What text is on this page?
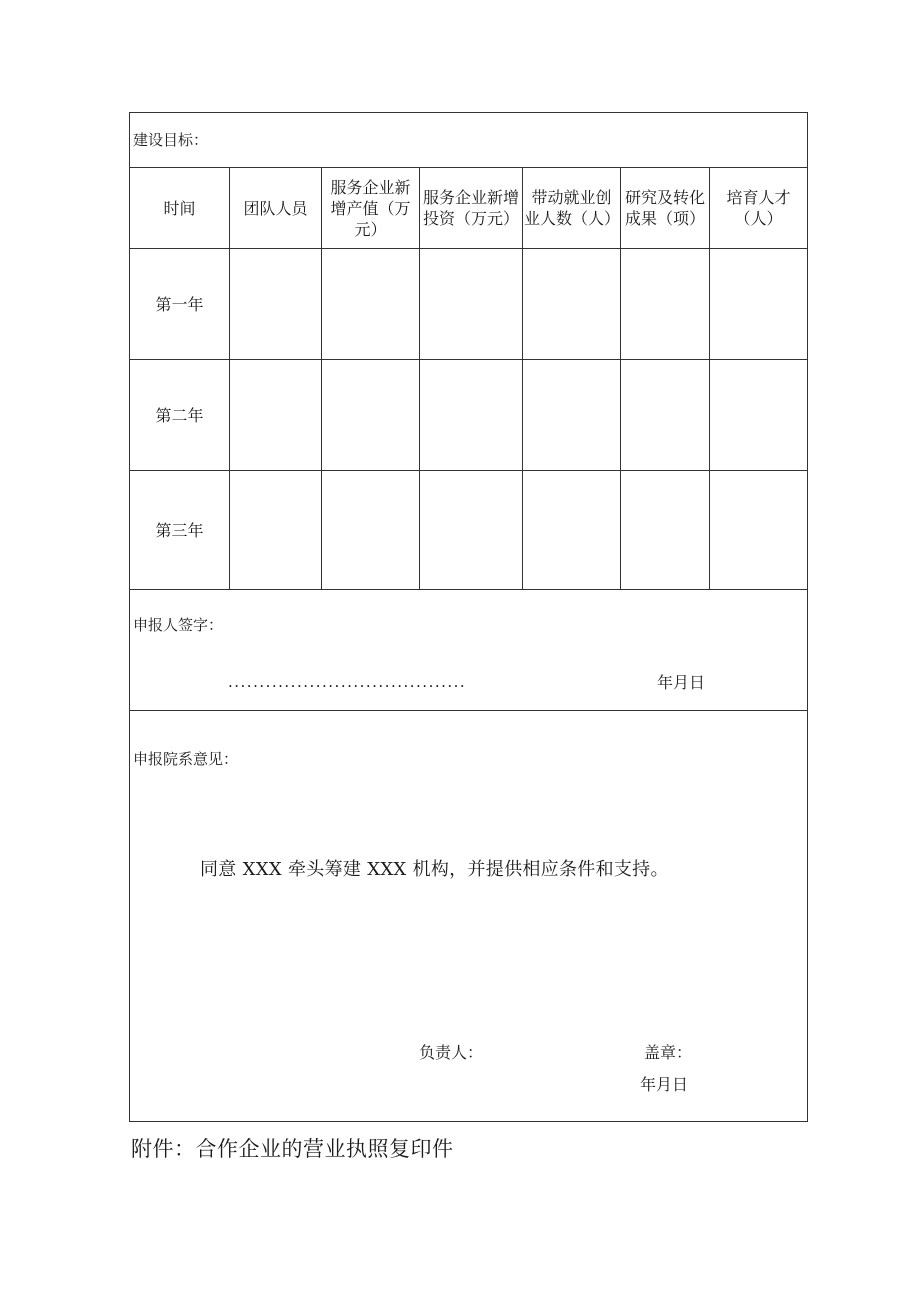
建设目标：						
时间	团队人员	服务企业新增产值（万元）	服务企业新增投资（万元）	带动就业创业人数（人）	研究及转化成果（项）	培育人才（人）

第一年						
第二年						
第三年						

申报人签字：
...................................... 年月日						

申报院系意见：
同意 XXX 牵头筹建 XXX 机构，并提供相应条件和支持。
负责人： 盖章：
年月日						
附件：合作企业的营业执照复印件
